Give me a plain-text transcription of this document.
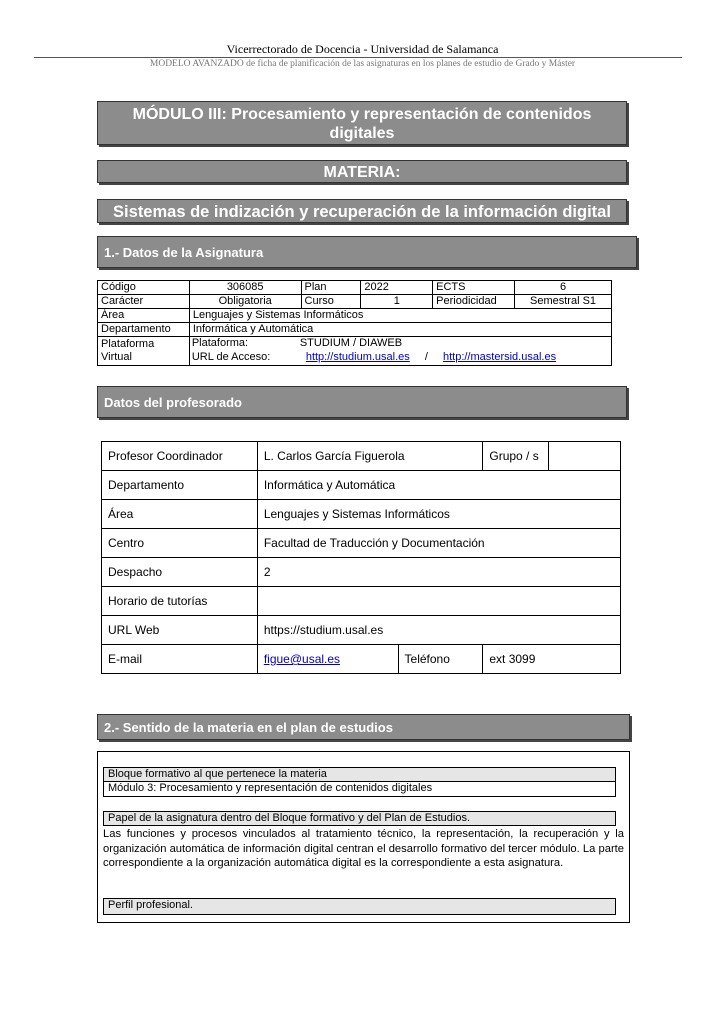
Vicerrectorado de Docencia - Universidad de Salamanca
MODELO AVANZADO de ficha de planificación de las asignaturas en los planes de estudio de Grado y Máster
MÓDULO III: Procesamiento y representación de contenidos
digitales
MATERIA:
Sistemas de indización y recuperación de la información digital
1.- Datos de la Asignatura
Código	306085	Plan	2022	ECTS	6
Carácter	Obligatoria	Curso	1	Periodicidad	Semestral S1
Área	Lenguajes y Sistemas Informáticos
Departamento	Informática y Automática
Plataforma Virtual	
Plataforma:	STUDIUM / DIAWEB
URL de Acceso:	http://studium.usal.es / http://mastersid.usal.es
Datos del profesorado
Profesor Coordinador	L. Carlos García Figuerola		Grupo / s	
Departamento	Informática y Automática			
Área	Lenguajes y Sistemas Informáticos			
Centro	Facultad de Traducción y Documentación			
Despacho	2			
Horario de tutorías				
URL Web	https://studium.usal.es			
E-mail	figue@usal.es	Teléfono	ext 3099	
2.- Sentido de la materia en el plan de estudios
Bloque formativo al que pertenece la materia
Módulo 3: Procesamiento y representación de contenidos digitales
Papel de la asignatura dentro del Bloque formativo y del Plan de Estudios.
Las funciones y procesos vinculados al tratamiento técnico, la representación, la recuperación y la organización automática de información digital centran el desarrollo formativo del tercer módulo. La parte correspondiente a la organización automática digital es la correspondiente a esta asignatura.
Perfil profesional.
